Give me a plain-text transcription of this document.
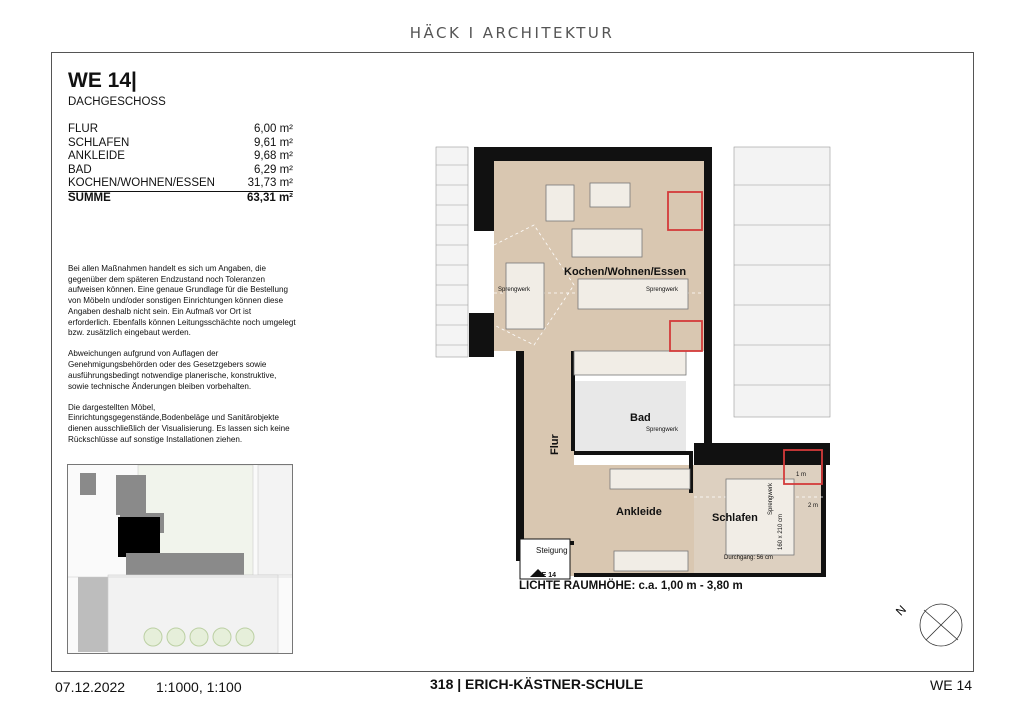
HÄCK I ARCHITEKTUR
WE 14|
DACHGESCHOSS
FLUR	6,00 m²
SCHLAFEN	9,61 m²
ANKLEIDE	9,68 m²
BAD	6,29 m²
KOCHEN/WOHNEN/ESSEN	31,73 m²
SUMME	63,31 m²

Bei allen Maßnahmen handelt es sich um Angaben, die gegenüber dem späteren Endzustand noch Toleranzen aufweisen können. Eine genaue Grundlage für die Bestellung von Möbeln und/oder sonstigen Einrichtungen können diese Angaben deshalb nicht sein. Ein Aufmaß vor Ort ist erforderlich. Ebenfalls können Leitungsschächte noch umgelegt bzw. zusätzlich eingebaut werden.

Abweichungen aufgrund von Auflagen der Genehmigungsbehörden oder des Gesetzgebers sowie ausführungsbedingt notwendige planerische, konstruktive, sowie technische Änderungen bleiben vorbehalten.

Die dargestellten Möbel, Einrichtungsgegenstände,Bodenbeläge und Sanitärobjekte dienen ausschließlich der Visualisierung. Es lassen sich keine Rückschlüsse auf sonstige Installationen ziehen.

Kochen/Wohnen/Essen
Bad
Flur
Ankleide	Schlafen
Sprengwerk	Sprengwerk
Sprengwerk
Sprengwerk
1 m
2 m
160 x 210 cm
Durchgang: 56 cm
Steigung
WE 14
LICHTE RAUMHÖHE: c.a. 1,00 m - 3,80 m
N
07.12.2022 1:1000, 1:100	318 | ERICH-KÄSTNER-SCHULE	WE 14
